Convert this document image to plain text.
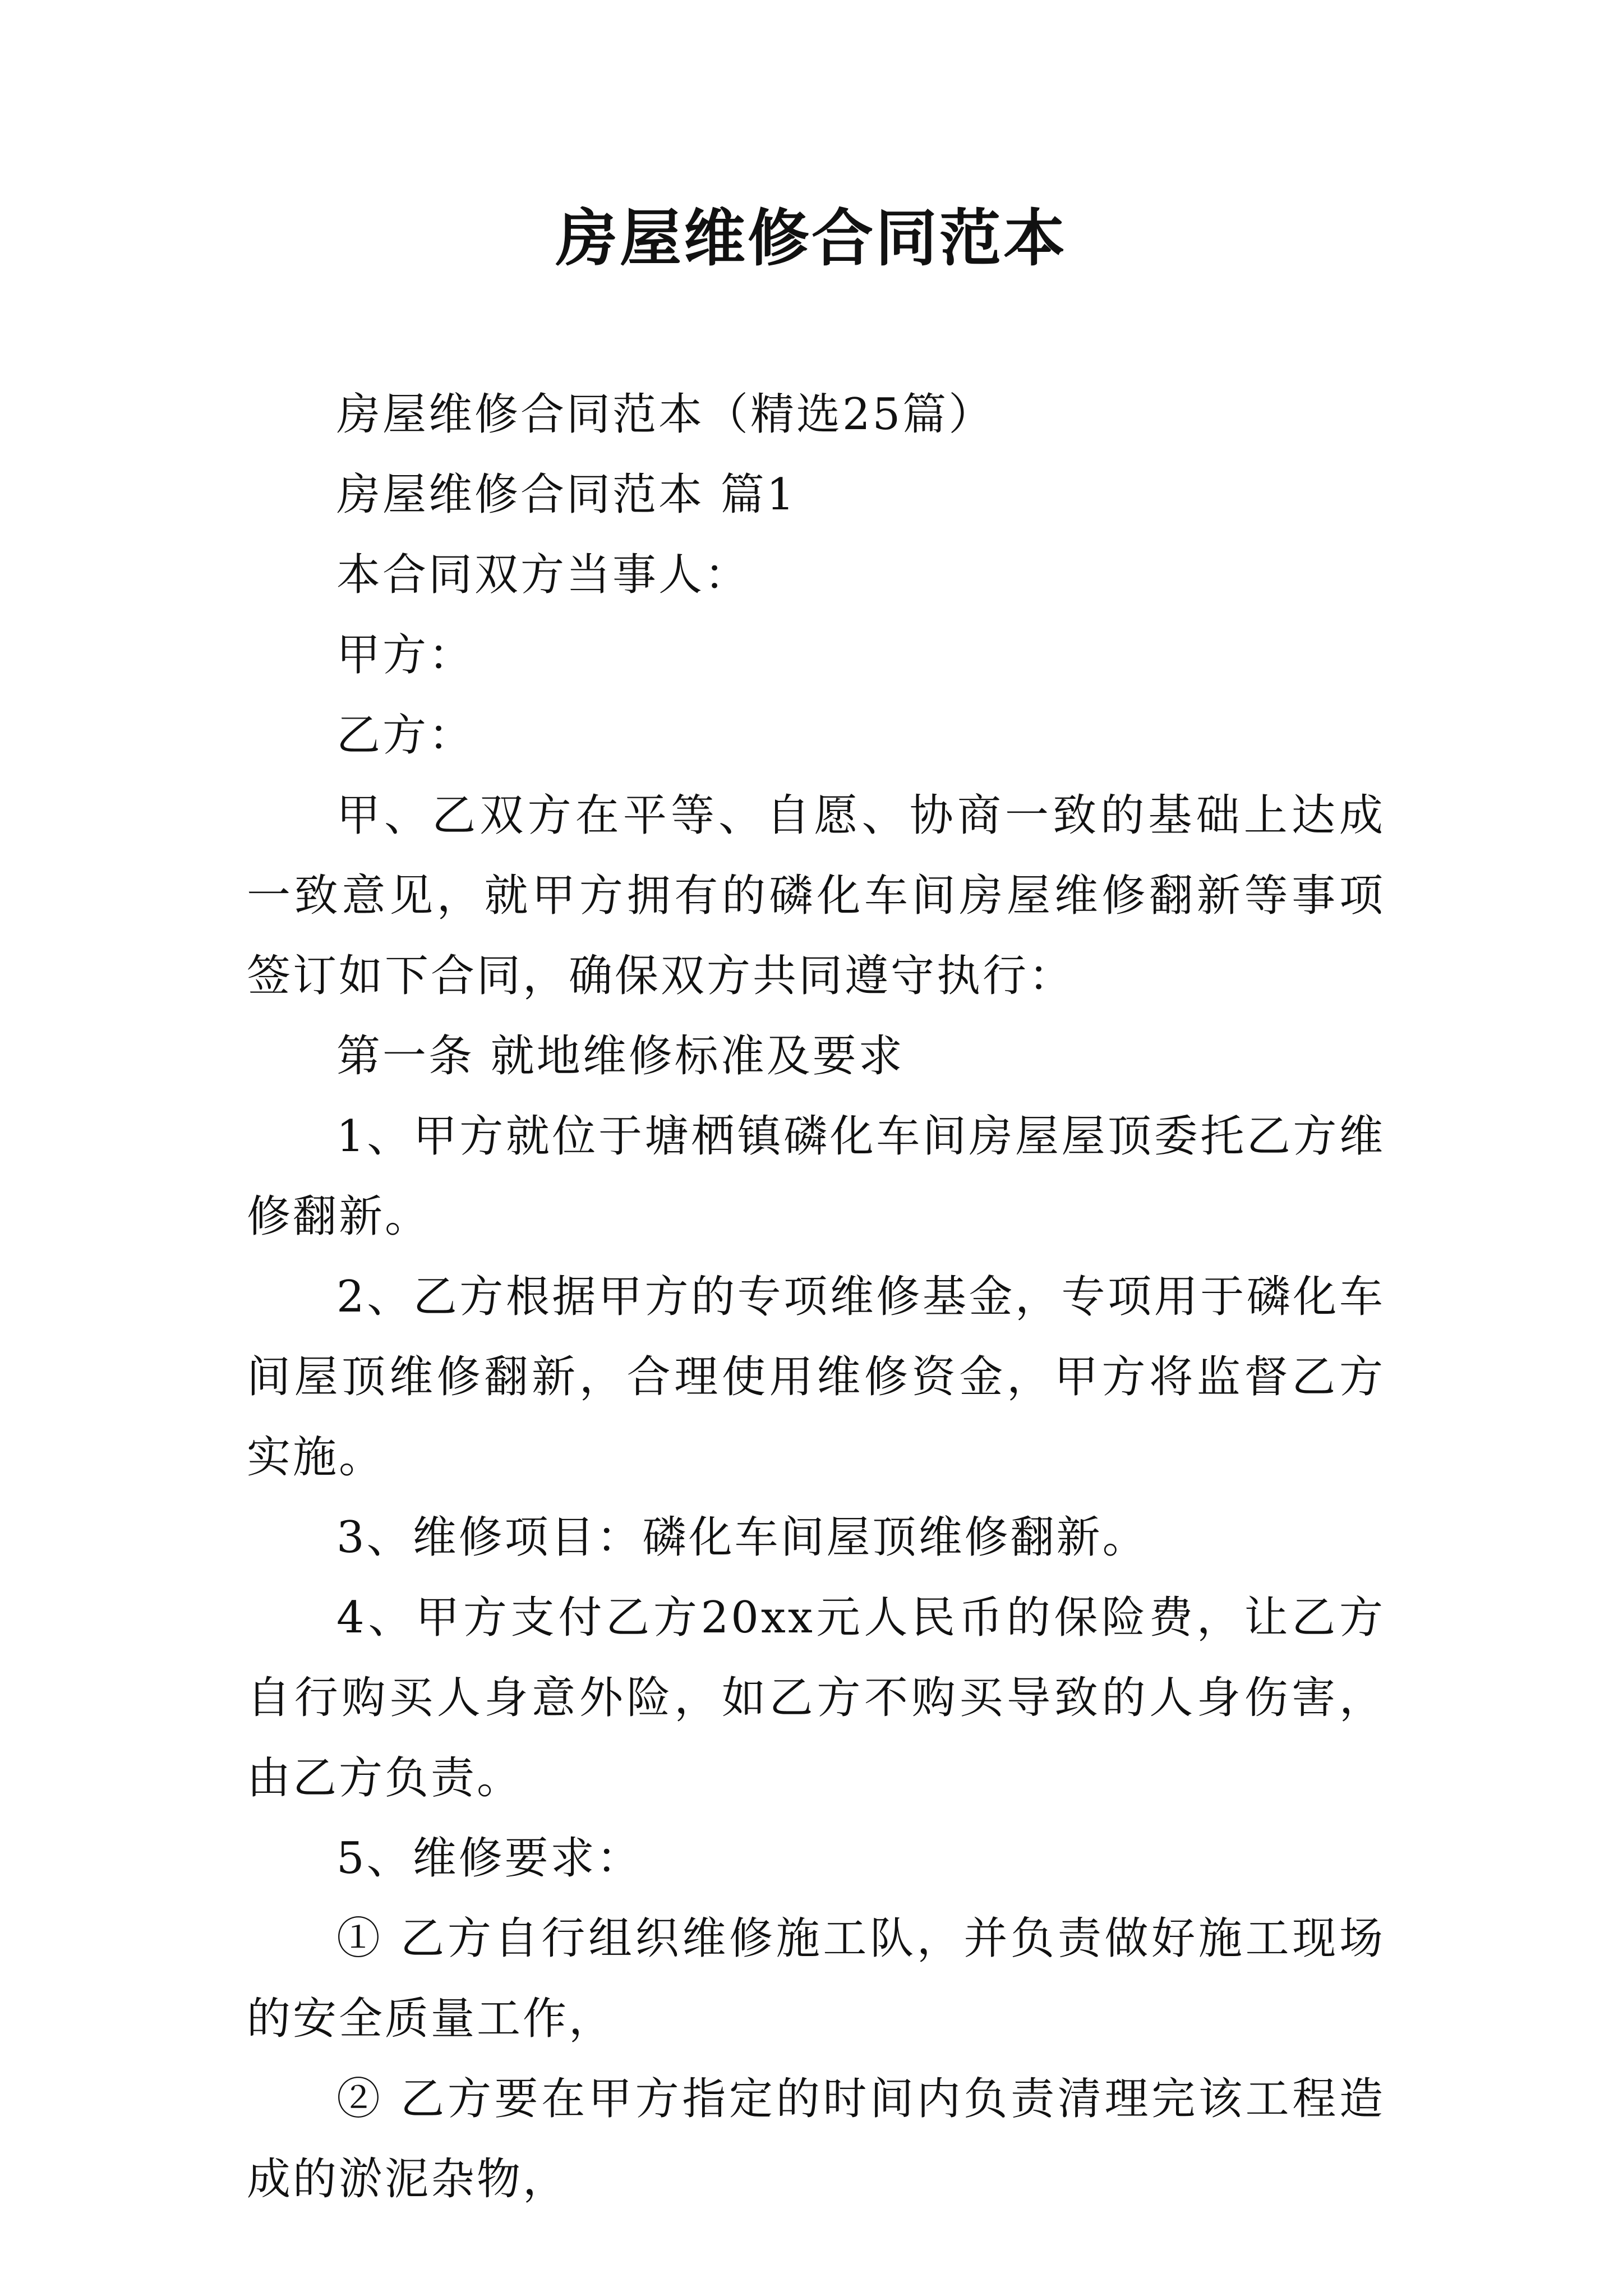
房屋维修合同范本

房屋维修合同范本（精选25篇）

房屋维修合同范本 篇1

本合同双方当事人：

甲方：

乙方：

甲、乙双方在平等、自愿、协商一致的基础上达成一致意见，就甲方拥有的磷化车间房屋维修翻新等事项签订如下合同，确保双方共同遵守执行：

第一条 就地维修标准及要求

1、甲方就位于塘栖镇磷化车间房屋屋顶委托乙方维修翻新。

2、乙方根据甲方的专项维修基金，专项用于磷化车间屋顶维修翻新，合理使用维修资金，甲方将监督乙方实施。

3、维修项目：磷化车间屋顶维修翻新。

4、甲方支付乙方20xx元人民币的保险费，让乙方自行购买人身意外险，如乙方不购买导致的人身伤害，由乙方负责。

5、维修要求：

① 乙方自行组织维修施工队，并负责做好施工现场的安全质量工作，

② 乙方要在甲方指定的时间内负责清理完该工程造成的淤泥杂物，
